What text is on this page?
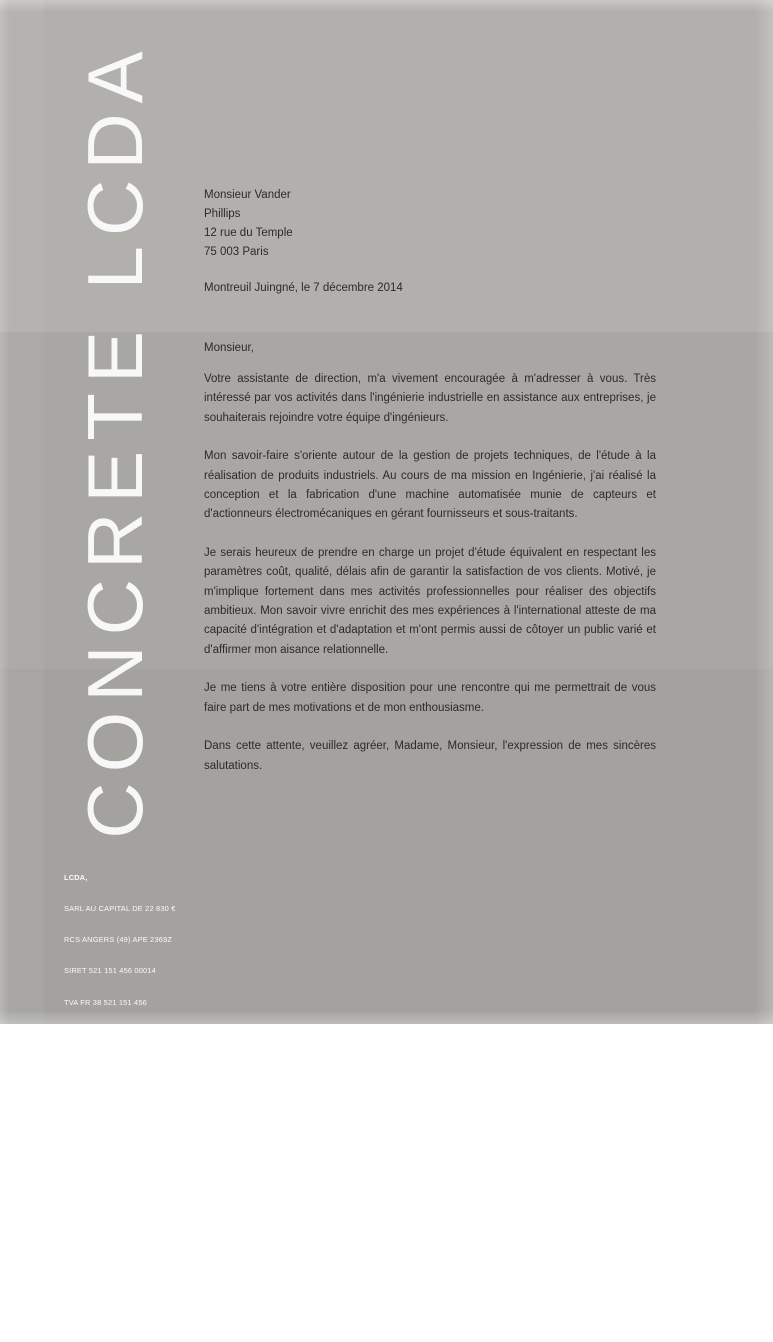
CONCRETE LCDA	Monsieur Vander
Phillips
12 rue du Temple
75 003 Paris
Montreuil Juingné, le 7 décembre 2014
Monsieur,

Votre assistante de direction, m'a vivement encouragée à m'adresser à vous. Très intéressé par vos activités dans l'ingénierie industrielle en assistance aux entreprises, je souhaiterais rejoindre votre équipe d'ingénieurs.

Mon savoir-faire s'oriente autour de la gestion de projets techniques, de l'étude à la réalisation de produits industriels. Au cours de ma mission en Ingénierie, j'ai réalisé la conception et la fabrication d'une machine automatisée munie de capteurs et d'actionneurs électromécaniques en gérant fournisseurs et sous-traitants.

Je serais heureux de prendre en charge un projet d'étude équivalent en respectant les paramètres coût, qualité, délais afin de garantir la satisfaction de vos clients. Motivé, je m'implique fortement dans mes activités professionnelles pour réaliser des objectifs ambitieux. Mon savoir vivre enrichit des mes expériences à l'international atteste de ma capacité d'intégration et d'adaptation et m'ont permis aussi de côtoyer un public varié et d'affirmer mon aisance relationnelle.

Je me tiens à votre entière disposition pour une rencontre qui me permettrait de vous faire part de mes motivations et de mon enthousiasme.

Dans cette attente, veuillez agréer, Madame, Monsieur, l'expression de mes sincères salutations.

LCDA,

SARL AU CAPITAL DE 22 830 €

RCS ANGERS (49) APE 2369Z

SIRET 521 151 456 00014

TVA FR 38 521 151 456

12 RUE THOMAS EDISON

PARC D'ACTIVITÉS

DU HAUT COUDRAY

49460 MONTREUIL JUIGNÉ

FRANCE

T + 33 2 41 33 99 10

F + 33 9 70 32 65 61

CONCRETE-BETON.COM
